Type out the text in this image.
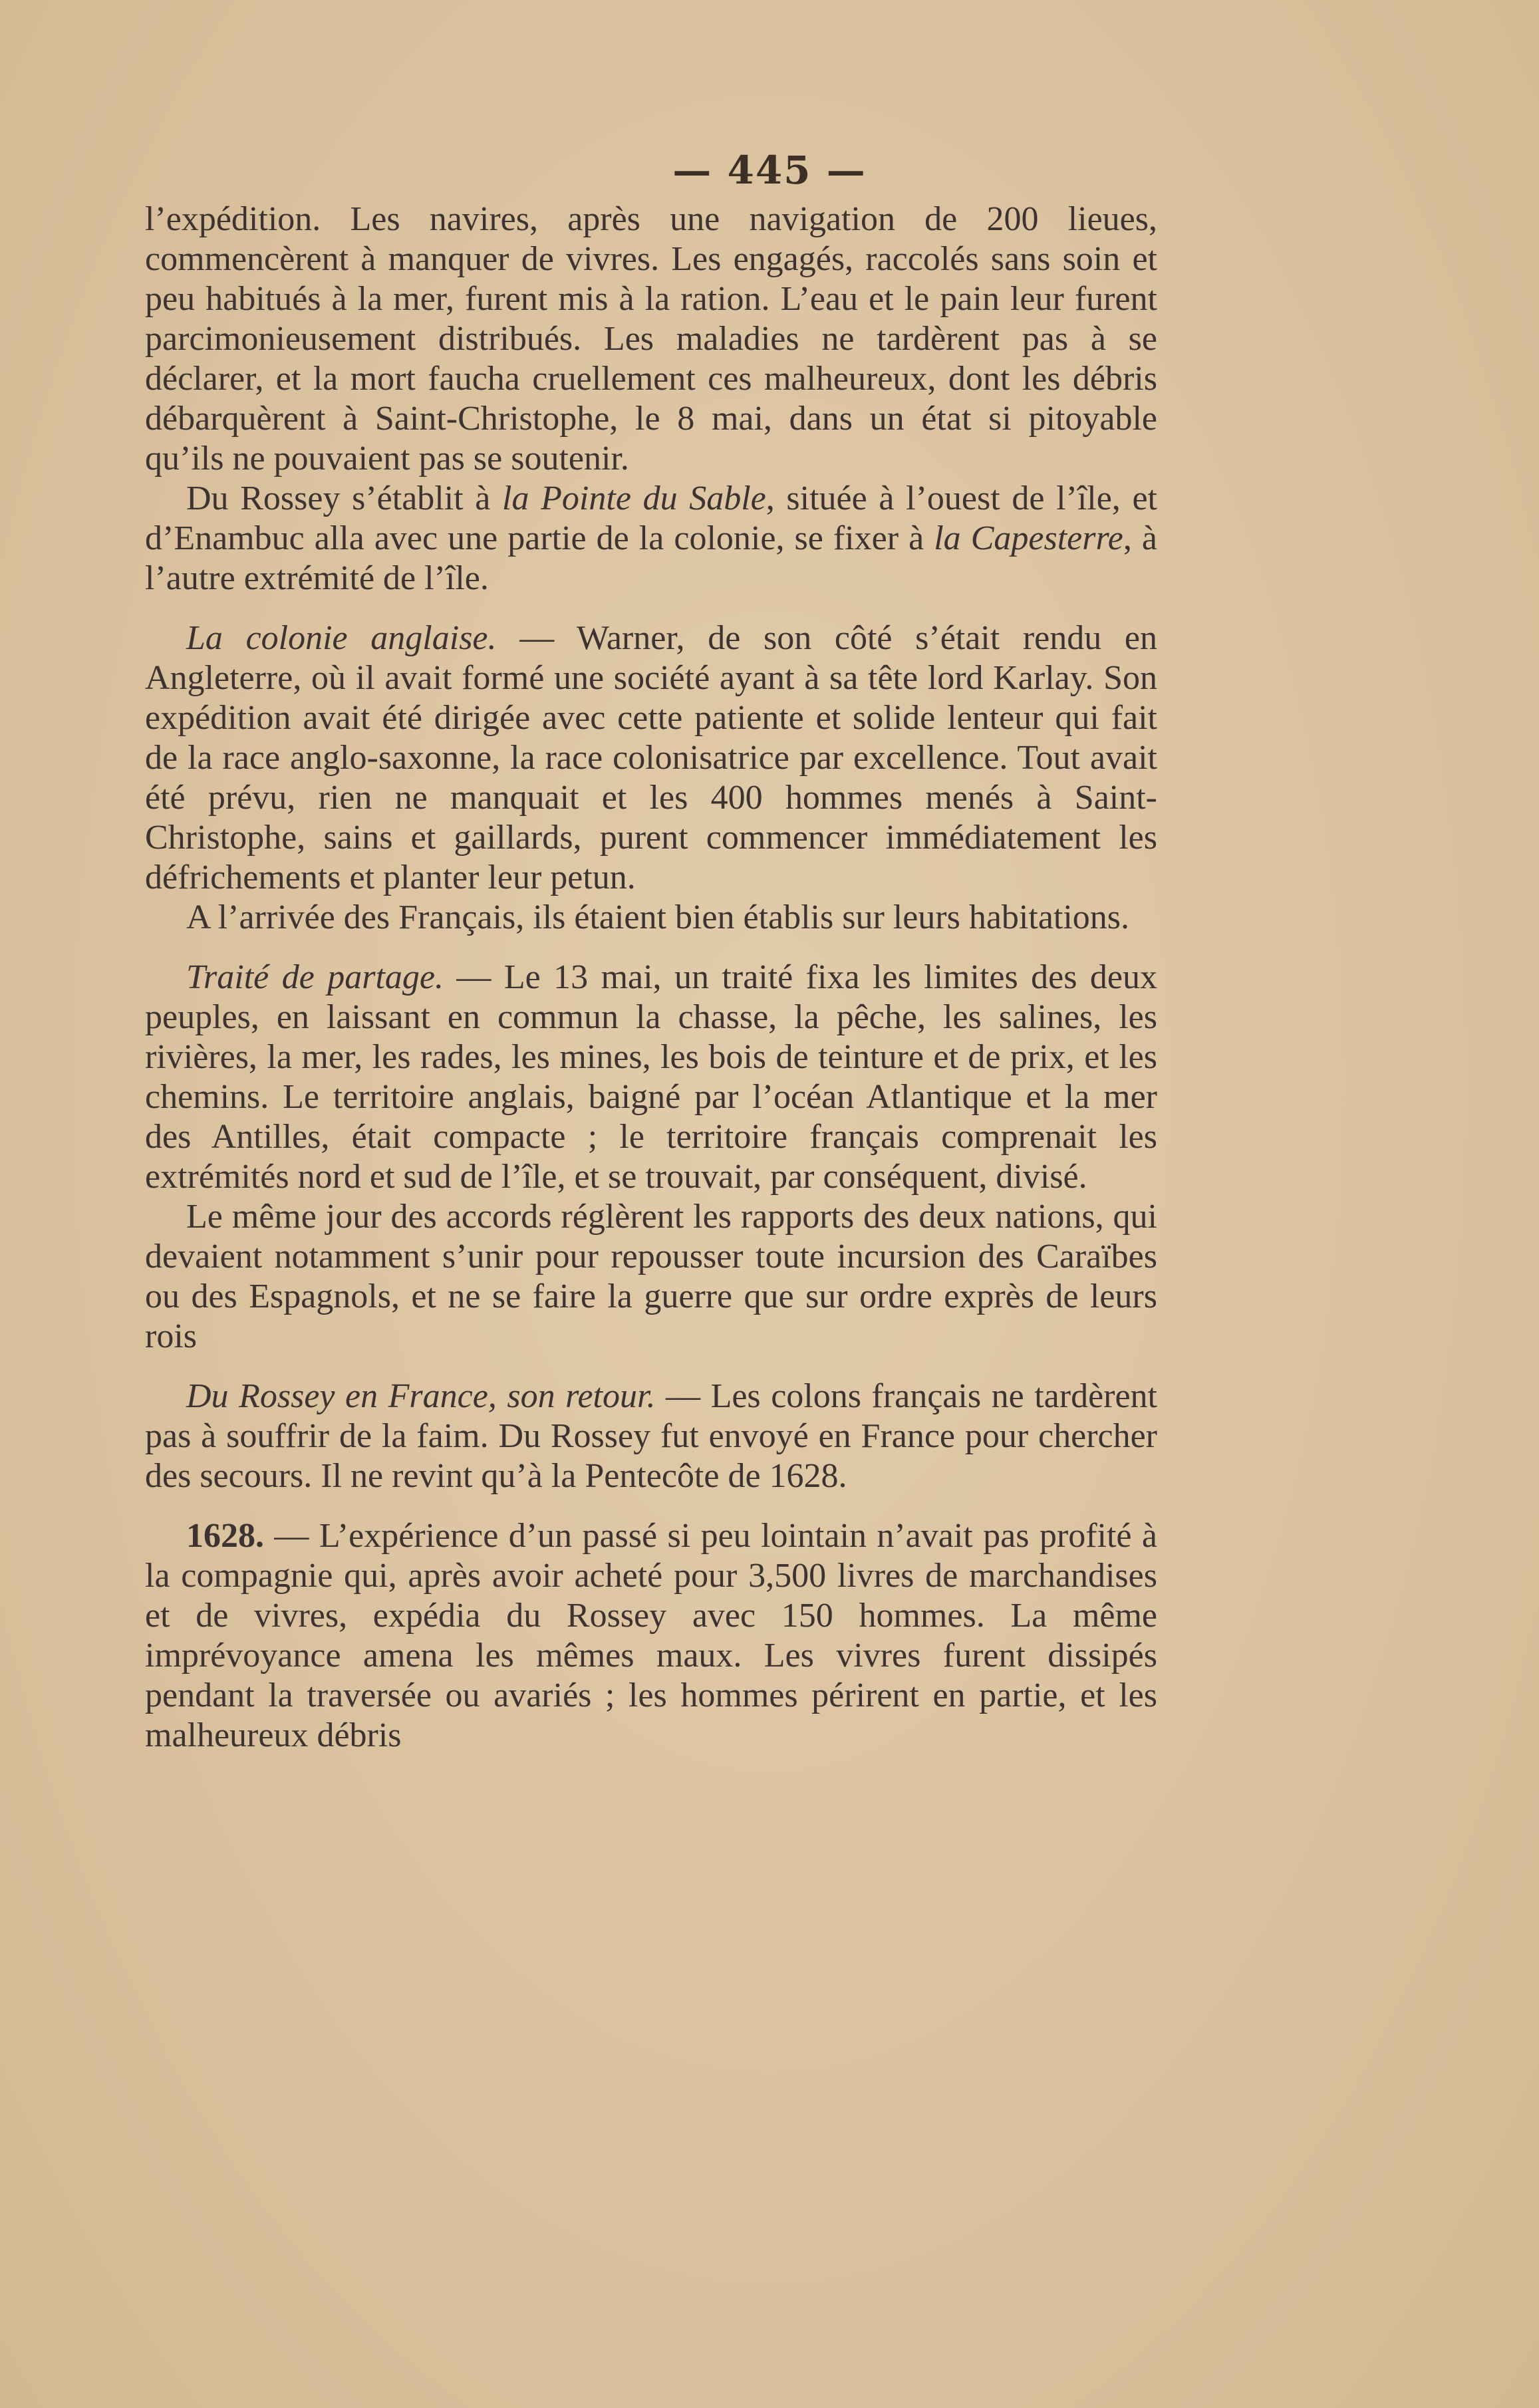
— 445 —

l’expédition. Les navires, après une navigation de 200 lieues, commencèrent à manquer de vivres. Les engagés, raccolés sans soin et peu habitués à la mer, furent mis à la ration. L’eau et le pain leur furent parcimonieusement distribués. Les maladies ne tardèrent pas à se déclarer, et la mort faucha cruellement ces malheureux, dont les débris débarquèrent à Saint-Christophe, le 8 mai, dans un état si pitoyable qu’ils ne pouvaient pas se soutenir.

Du Rossey s’établit à la Pointe du Sable, située à l’ouest de l’île, et d’Enambuc alla avec une partie de la colonie, se fixer à la Capesterre, à l’autre extrémité de l’île.

La colonie anglaise. — Warner, de son côté s’était rendu en Angleterre, où il avait formé une société ayant à sa tête lord Karlay. Son expédition avait été dirigée avec cette patiente et solide lenteur qui fait de la race anglo-saxonne, la race colonisatrice par excellence. Tout avait été prévu, rien ne manquait et les 400 hommes menés à Saint-Christophe, sains et gaillards, purent commencer immédiatement les défrichements et planter leur petun.

A l’arrivée des Français, ils étaient bien établis sur leurs habitations.

Traité de partage. — Le 13 mai, un traité fixa les limites des deux peuples, en laissant en commun la chasse, la pêche, les salines, les rivières, la mer, les rades, les mines, les bois de teinture et de prix, et les chemins. Le territoire anglais, baigné par l’océan Atlantique et la mer des Antilles, était compacte ; le territoire français comprenait les extrémités nord et sud de l’île, et se trouvait, par conséquent, divisé.

Le même jour des accords réglèrent les rapports des deux nations, qui devaient notamment s’unir pour repousser toute incursion des Caraïbes ou des Espagnols, et ne se faire la guerre que sur ordre exprès de leurs rois

Du Rossey en France, son retour. — Les colons français ne tardèrent pas à souffrir de la faim. Du Rossey fut envoyé en France pour chercher des secours. Il ne revint qu’à la Pentecôte de 1628.

1628. — L’expérience d’un passé si peu lointain n’avait pas profité à la compagnie qui, après avoir acheté pour 3,500 livres de marchandises et de vivres, expédia du Rossey avec 150 hommes. La même imprévoyance amena les mêmes maux. Les vivres furent dissipés pendant la traversée ou avariés ; les hommes périrent en partie, et les malheureux débris
